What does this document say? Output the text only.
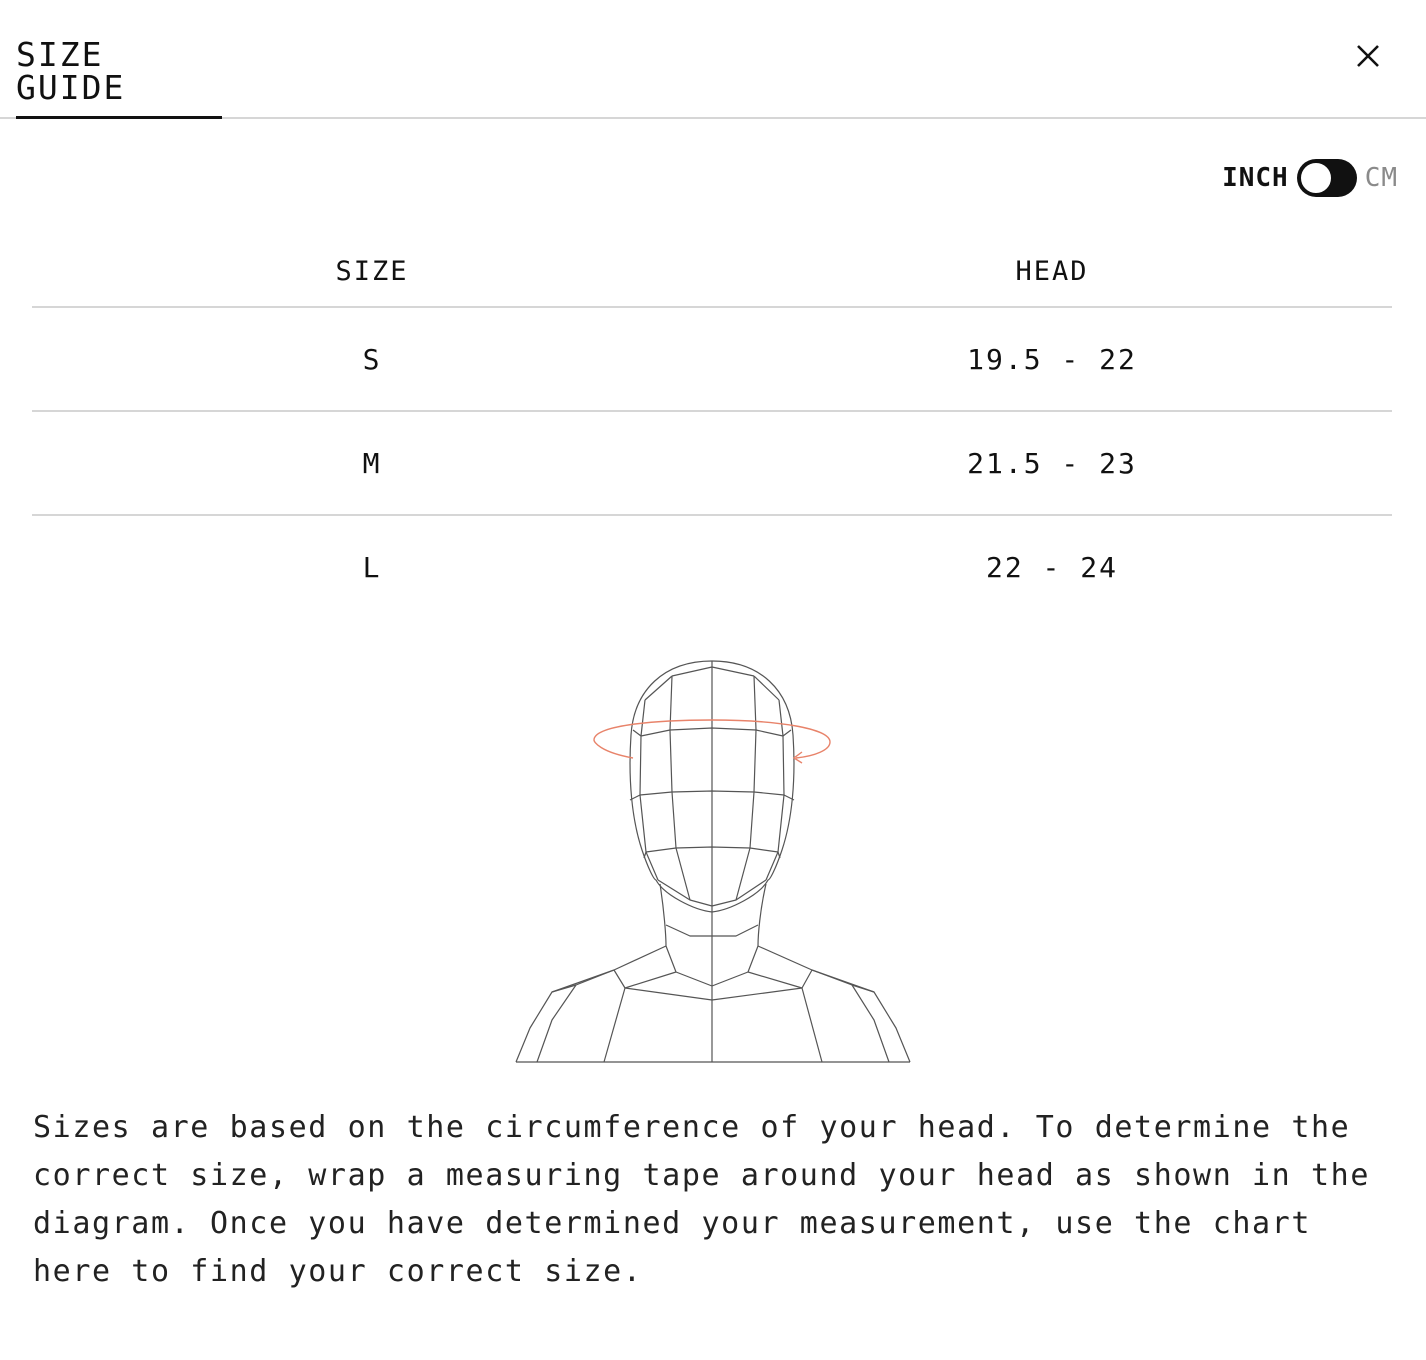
SIZE GUIDE
INCH	CM
SIZE	HEAD
S	19.5 - 22
M	21.5 - 23
L	22 - 24

Sizes are based on the circumference of your head. To determine the correct size, wrap a measuring tape around your head as shown in the diagram. Once you have determined your measurement, use the chart here to find your correct size.
